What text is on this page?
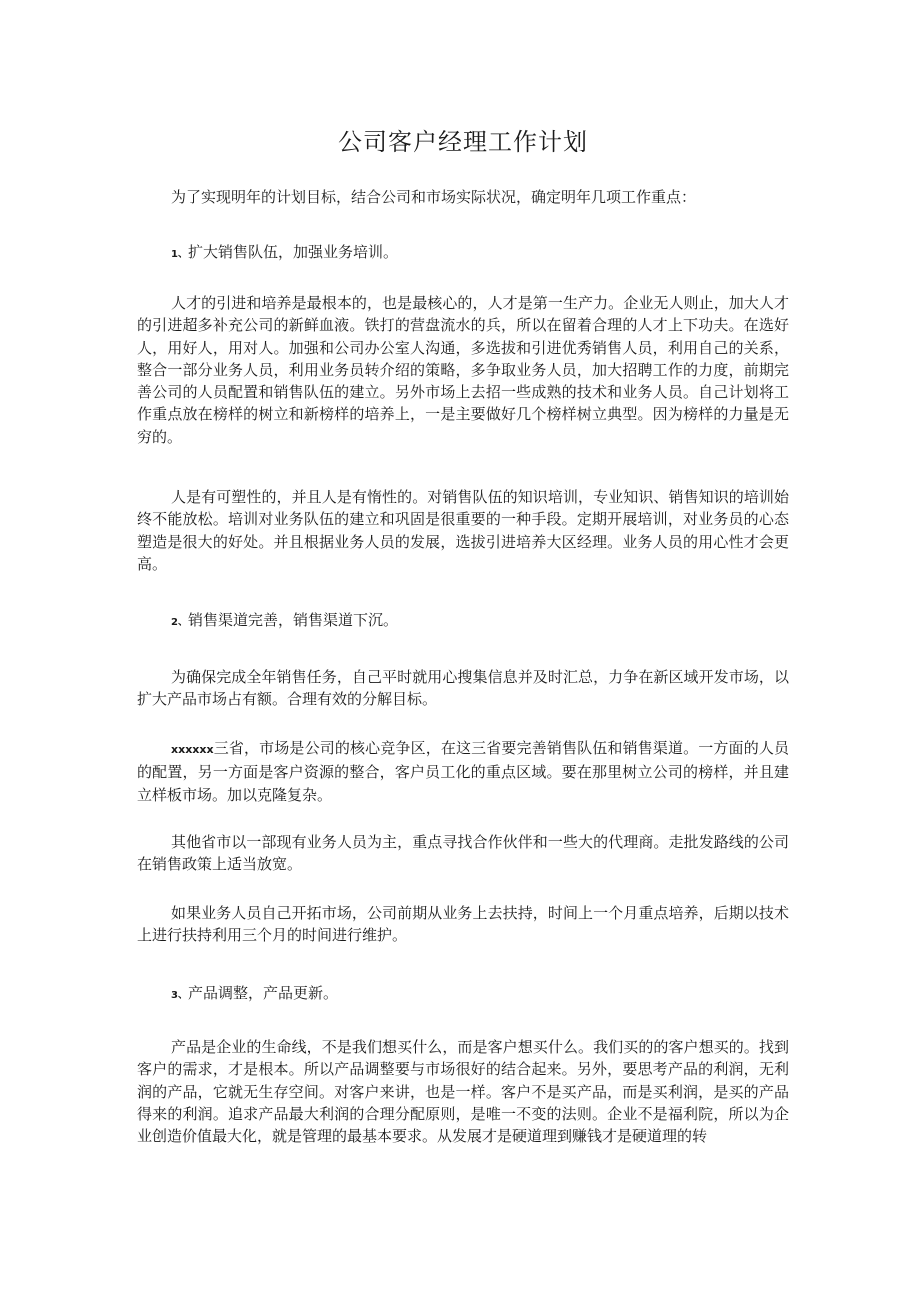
公司客户经理工作计划

为了实现明年的计划目标，结合公司和市场实际状况，确定明年几项工作重点：

1、扩大销售队伍，加强业务培训。

人才的引进和培养是最根本的，也是最核心的，人才是第一生产力。企业无人则止，加大人才的引进超多补充公司的新鲜血液。铁打的营盘流水的兵，所以在留着合理的人才上下功夫。在选好人，用好人，用对人。加强和公司办公室人沟通，多选拔和引进优秀销售人员，利用自己的关系，整合一部分业务人员，利用业务员转介绍的策略，多争取业务人员，加大招聘工作的力度，前期完善公司的人员配置和销售队伍的建立。另外市场上去招一些成熟的技术和业务人员。自己计划将工作重点放在榜样的树立和新榜样的培养上，一是主要做好几个榜样树立典型。因为榜样的力量是无穷的。

人是有可塑性的，并且人是有惰性的。对销售队伍的知识培训，专业知识、销售知识的培训始终不能放松。培训对业务队伍的建立和巩固是很重要的一种手段。定期开展培训，对业务员的心态塑造是很大的好处。并且根据业务人员的发展，选拔引进培养大区经理。业务人员的用心性才会更高。

2、销售渠道完善，销售渠道下沉。

为确保完成全年销售任务，自己平时就用心搜集信息并及时汇总，力争在新区域开发市场，以扩大产品市场占有额。合理有效的分解目标。

xxxxxx三省，市场是公司的核心竞争区，在这三省要完善销售队伍和销售渠道。一方面的人员的配置，另一方面是客户资源的整合，客户员工化的重点区域。要在那里树立公司的榜样，并且建立样板市场。加以克隆复杂。

其他省市以一部现有业务人员为主，重点寻找合作伙伴和一些大的代理商。走批发路线的公司在销售政策上适当放宽。

如果业务人员自己开拓市场，公司前期从业务上去扶持，时间上一个月重点培养，后期以技术上进行扶持利用三个月的时间进行维护。

3、产品调整，产品更新。

产品是企业的生命线，不是我们想买什么，而是客户想买什么。我们买的的客户想买的。找到客户的需求，才是根本。所以产品调整要与市场很好的结合起来。另外，要思考产品的利润，无利润的产品，它就无生存空间。对客户来讲，也是一样。客户不是买产品，而是买利润，是买的产品得来的利润。追求产品最大利润的合理分配原则，是唯一不变的法则。企业不是福利院，所以为企业创造价值最大化，就是管理的最基本要求。从发展才是硬道理到赚钱才是硬道理的转
